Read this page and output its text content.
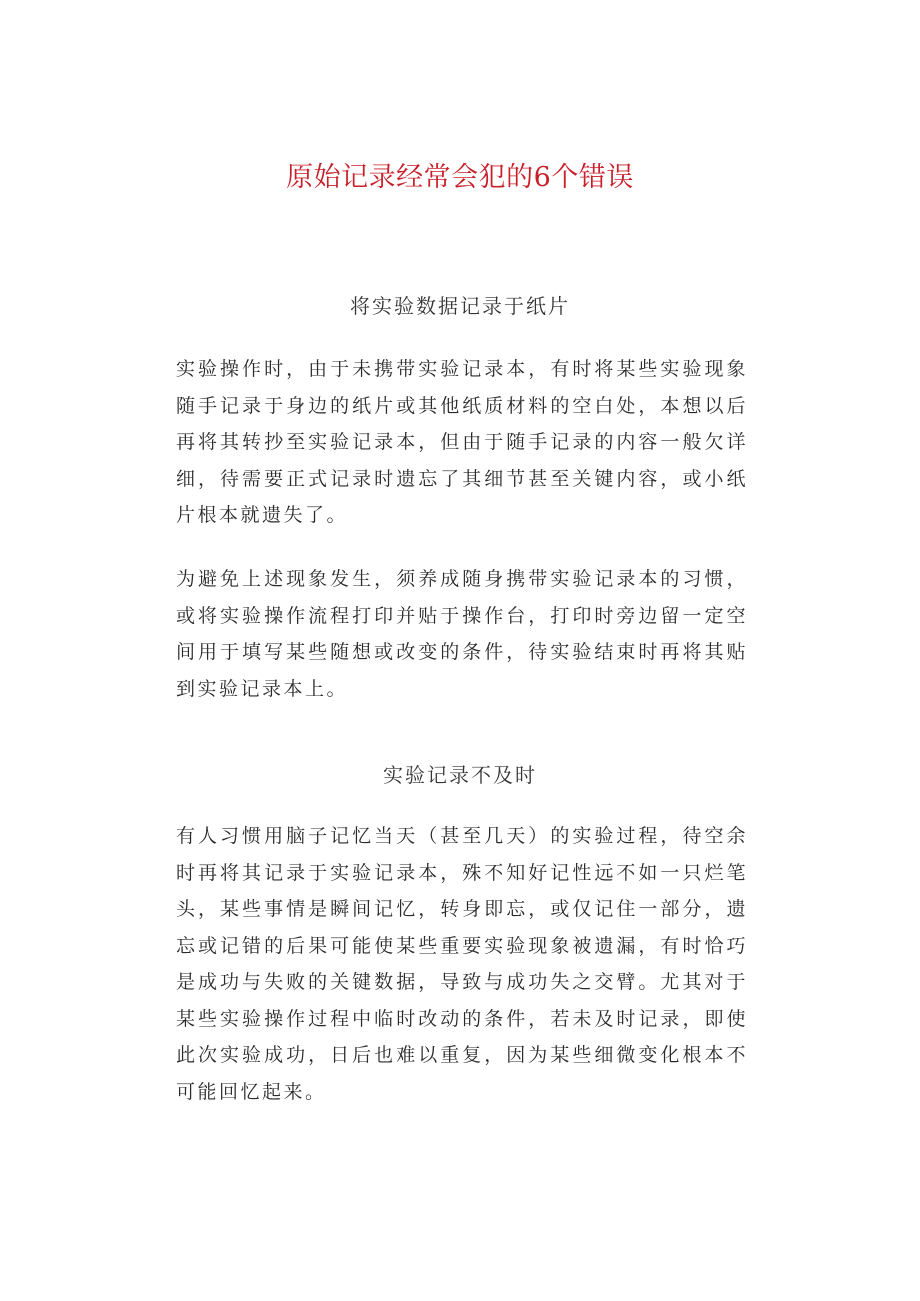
原始记录经常会犯的6个错误
将实验数据记录于纸片

实验操作时，由于未携带实验记录本，有时将某些实验现象随手记录于身边的纸片或其他纸质材料的空白处，本想以后再将其转抄至实验记录本，但由于随手记录的内容一般欠详细，待需要正式记录时遗忘了其细节甚至关键内容，或小纸片根本就遗失了。

为避免上述现象发生，须养成随身携带实验记录本的习惯，或将实验操作流程打印并贴于操作台，打印时旁边留一定空间用于填写某些随想或改变的条件，待实验结束时再将其贴到实验记录本上。

实验记录不及时

有人习惯用脑子记忆当天（甚至几天）的实验过程，待空余时再将其记录于实验记录本，殊不知好记性远不如一只烂笔头，某些事情是瞬间记忆，转身即忘，或仅记住一部分，遗忘或记错的后果可能使某些重要实验现象被遗漏，有时恰巧是成功与失败的关键数据，导致与成功失之交臂。尤其对于某些实验操作过程中临时改动的条件，若未及时记录，即使此次实验成功，日后也难以重复，因为某些细微变化根本不可能回忆起来。
